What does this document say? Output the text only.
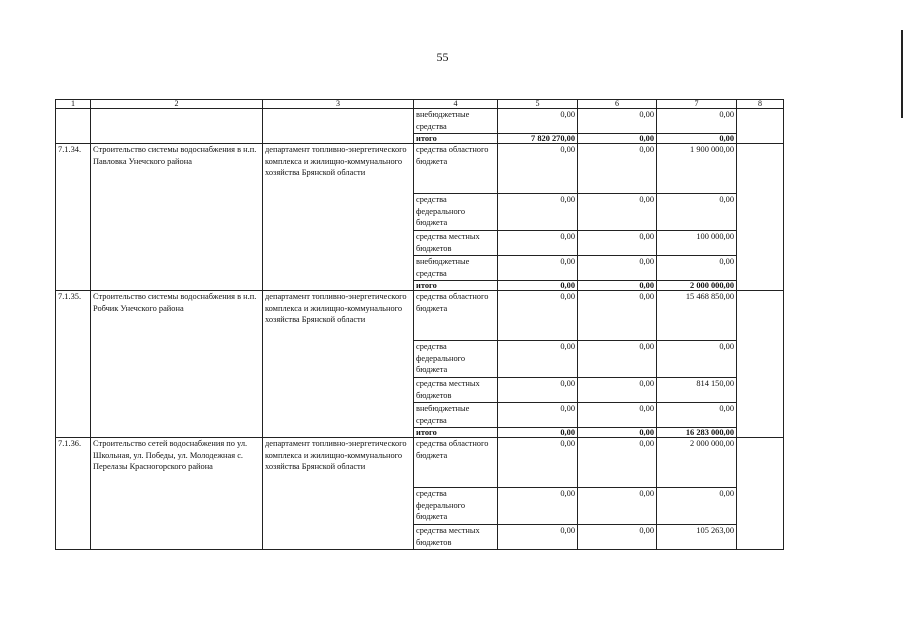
55
1	2	3	4	5	6	7	8
			внебюджетные средства	0,00	0,00	0,00	
			итого	7 820 270,00	0,00	0,00	
7.1.34.	Строительство системы водоснабжения в н.п. Павловка Унечского района	департамент топливно-энергетического комплекса и жилищно-коммунального хозяйства Брянской области	средства областного бюджета	0,00	0,00	1 900 000,00	
			средства федерального бюджета	0,00	0,00	0,00	
			средства местных бюджетов	0,00	0,00	100 000,00	
			внебюджетные средства	0,00	0,00	0,00	
			итого	0,00	0,00	2 000 000,00	
7.1.35.	Строительство системы водоснабжения в н.п. Робчик Унечского района	департамент топливно-энергетического комплекса и жилищно-коммунального хозяйства Брянской области	средства областного бюджета	0,00	0,00	15 468 850,00	
			средства федерального бюджета	0,00	0,00	0,00	
			средства местных бюджетов	0,00	0,00	814 150,00	
			внебюджетные средства	0,00	0,00	0,00	
			итого	0,00	0,00	16 283 000,00	
7.1.36.	Строительство сетей водоснабжения по ул. Школьная, ул. Победы, ул. Молодежная с. Перелазы Красногорского района	департамент топливно-энергетического комплекса и жилищно-коммунального хозяйства Брянской области	средства областного бюджета	0,00	0,00	2 000 000,00	
			средства федерального бюджета	0,00	0,00	0,00	
			средства местных бюджетов	0,00	0,00	105 263,00	
